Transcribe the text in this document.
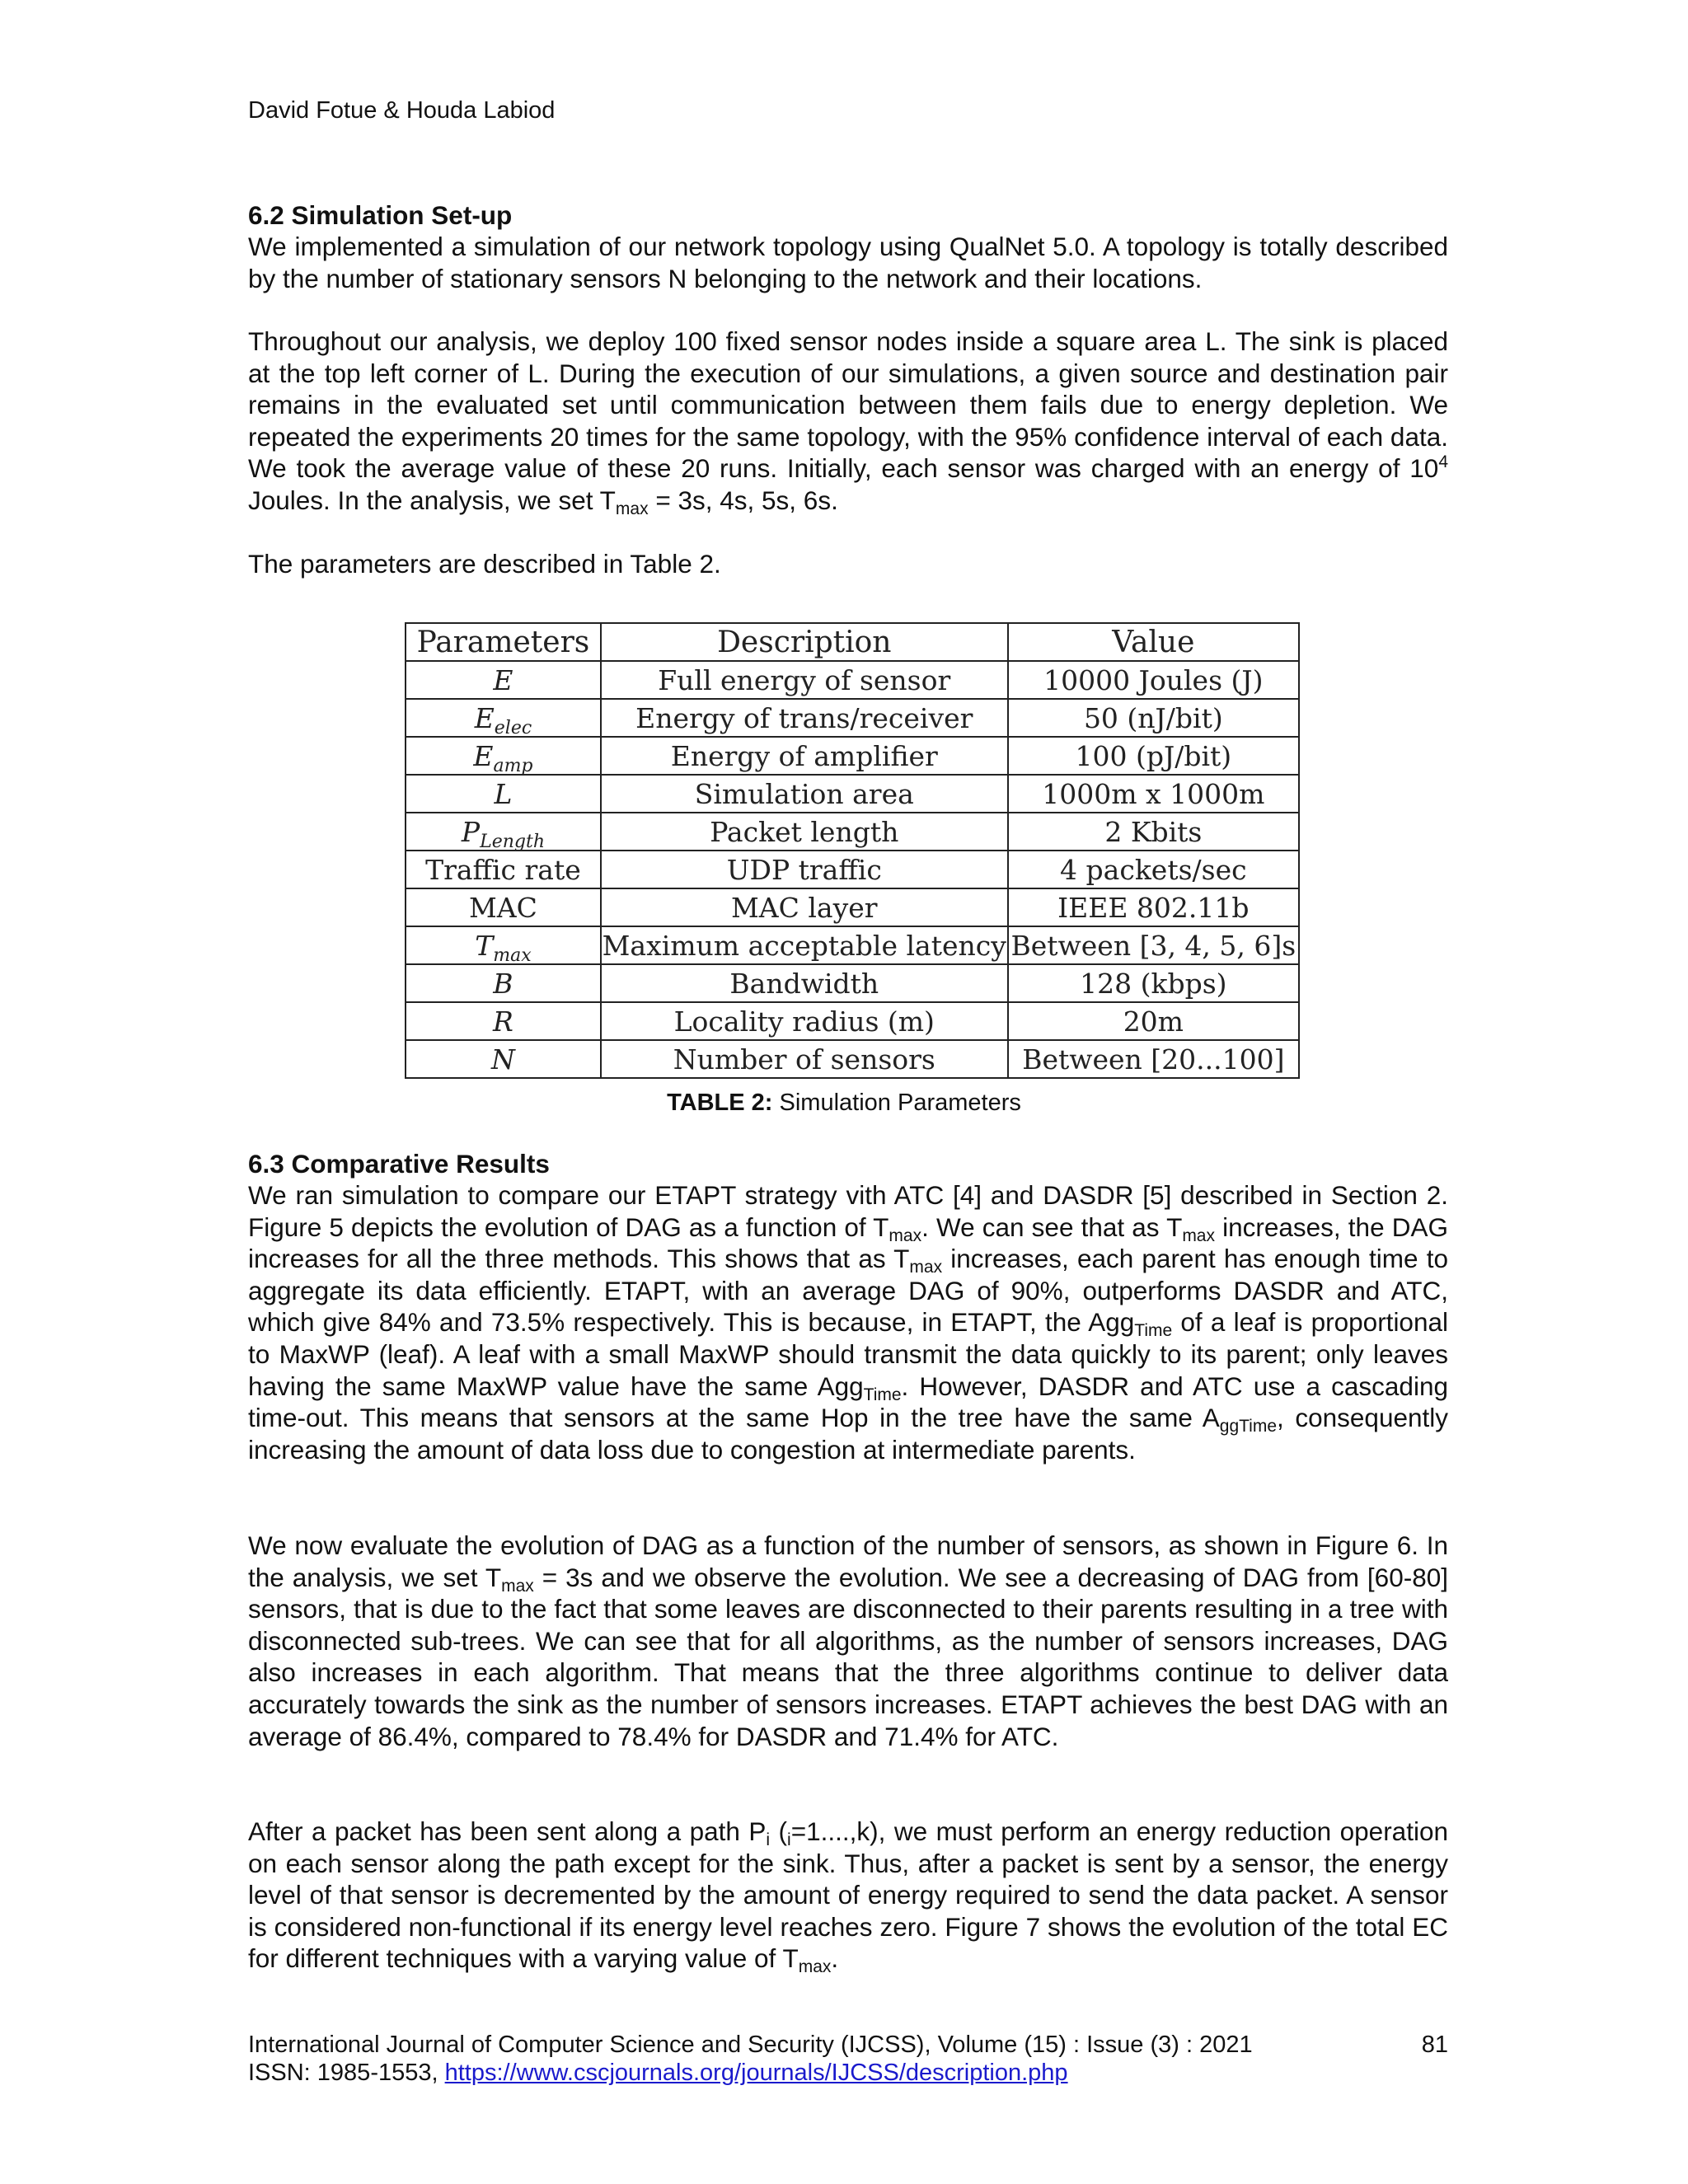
David Fotue & Houda Labiod
6.2 Simulation Set-up
We implemented a simulation of our network topology using QualNet 5.0. A topology is totally described by the number of stationary sensors N belonging to the network and their locations.
Throughout our analysis, we deploy 100 fixed sensor nodes inside a square area L. The sink is placed at the top left corner of L. During the execution of our simulations, a given source and destination pair remains in the evaluated set until communication between them fails due to energy depletion. We repeated the experiments 20 times for the same topology, with the 95% confidence interval of each data. We took the average value of these 20 runs. Initially, each sensor was charged with an energy of $10^4$ Joules. In the analysis, we set $T_{max} = 3s$, 4s, 5s, 6s.
The parameters are described in Table 2.
Parameters	Description	Value
E	Full energy of sensor	10000 Joules (J)
$E_{elec}$	Energy of trans/receiver	50 (nJ/bit)
$E_{amp}$	Energy of amplifier	100 (pJ/bit)
L	Simulation area	1000m x 1000m
$P_{Length}$	Packet length	2 Kbits
Traffic rate	UDP traffic	4 packets/sec
MAC	MAC layer	IEEE 802.11b
$T_{max}$	Maximum acceptable latency	Between [3, 4, 5, 6]s
B	Bandwidth	128 (kbps)
R	Locality radius (m)	20m
N	Number of sensors	Between [20...100]
TABLE 2: Simulation Parameters
6.3 Comparative Results
We ran simulation to compare our ETAPT strategy vith ATC [4] and DASDR [5] described in Section 2. Figure 5 depicts the evolution of DAG as a function of $T_{max}$. We can see that as $T_{max}$ increases, the DAG increases for all the three methods. This shows that as $T_{max}$ increases, each parent has enough time to aggregate its data efficiently. ETAPT, with an average DAG of 90%, outperforms DASDR and ATC, which give 84% and 73.5% respectively. This is because, in ETAPT, the Agg$_{Time}$ of a leaf is proportional to MaxWP (leaf). A leaf with a small MaxWP should transmit the data quickly to its parent; only leaves having the same MaxWP value have the same Agg$_{Time}$. However, DASDR and ATC use a cascading time-out. This means that sensors at the same Hop in the tree have the same $A_{ggTime}$, consequently increasing the amount of data loss due to congestion at intermediate parents.
We now evaluate the evolution of DAG as a function of the number of sensors, as shown in Figure 6. In the analysis, we set $T_{max} = 3s$ and we observe the evolution. We see a decreasing of DAG from [60-80] sensors, that is due to the fact that some leaves are disconnected to their parents resulting in a tree with disconnected sub-trees. We can see that for all algorithms, as the number of sensors increases, DAG also increases in each algorithm. That means that the three algorithms continue to deliver data accurately towards the sink as the number of sensors increases. ETAPT achieves the best DAG with an average of 86.4%, compared to 78.4% for DASDR and 71.4% for ATC.
After a packet has been sent along a path $P_i$ $(_i=1....,k)$, we must perform an energy reduction operation on each sensor along the path except for the sink. Thus, after a packet is sent by a sensor, the energy level of that sensor is decremented by the amount of energy required to send the data packet. A sensor is considered non-functional if its energy level reaches zero. Figure 7 shows the evolution of the total EC for different techniques with a varying value of $T_{max}$.
International Journal of Computer Science and Security (IJCSS), Volume (15) : Issue (3) : 2021	81
ISSN: 1985-1553, https://www.cscjournals.org/journals/IJCSS/description.php
